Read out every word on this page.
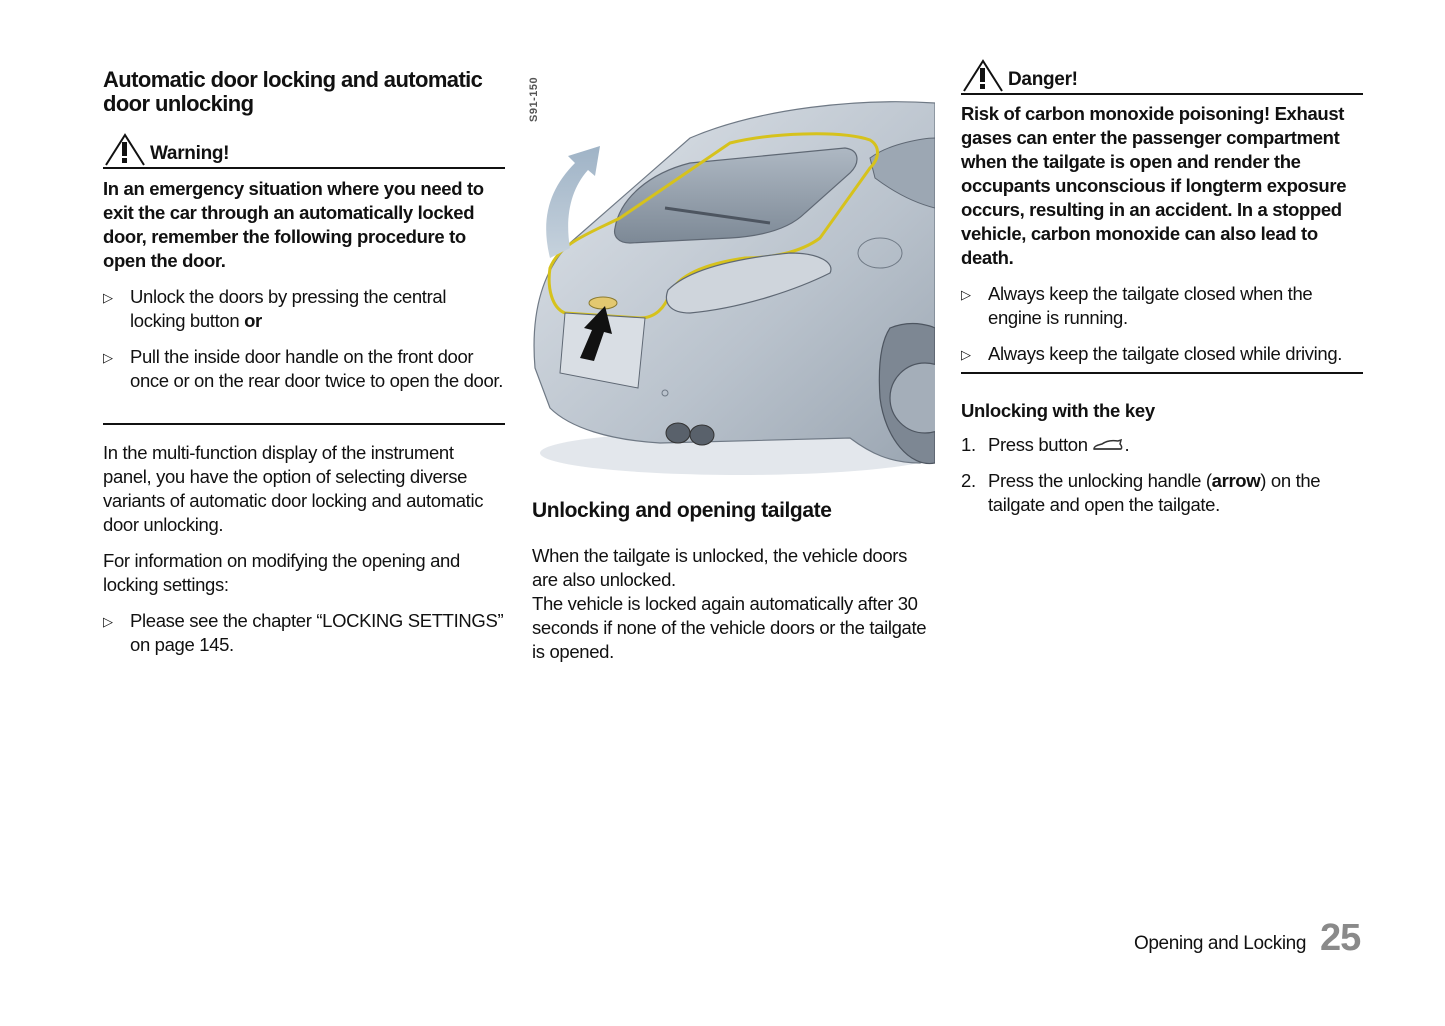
Automatic door locking and automatic
door unlocking
Warning!
In an emergency situation where you need to exit the car through an automatically locked door, remember the following procedure to open the door.
▷ Unlock the doors by pressing the central locking button or
▷ Pull the inside door handle on the front door once or on the rear door twice to open the door.
In the multi-function display of the instrument panel, you have the option of selecting diverse variants of automatic door locking and automatic door unlocking.
For information on modifying the opening and locking settings:
▷ Please see the chapter “LOCKING SETTINGS” on page 145.
S91-150
Unlocking and opening tailgate
When the tailgate is unlocked, the vehicle doors are also unlocked.
The vehicle is locked again automatically after 30 seconds if none of the vehicle doors or the tailgate is opened.
Danger!
Risk of carbon monoxide poisoning! Exhaust gases can enter the passenger compartment when the tailgate is open and render the occupants unconscious if longterm exposure occurs, resulting in an accident. In a stopped vehicle, carbon monoxide can also lead to death.
▷ Always keep the tailgate closed when the engine is running.
▷ Always keep the tailgate closed while driving.
Unlocking with the key
1. Press button .
2. Press the unlocking handle (arrow) on the tailgate and open the tailgate.
Opening and Locking 25
